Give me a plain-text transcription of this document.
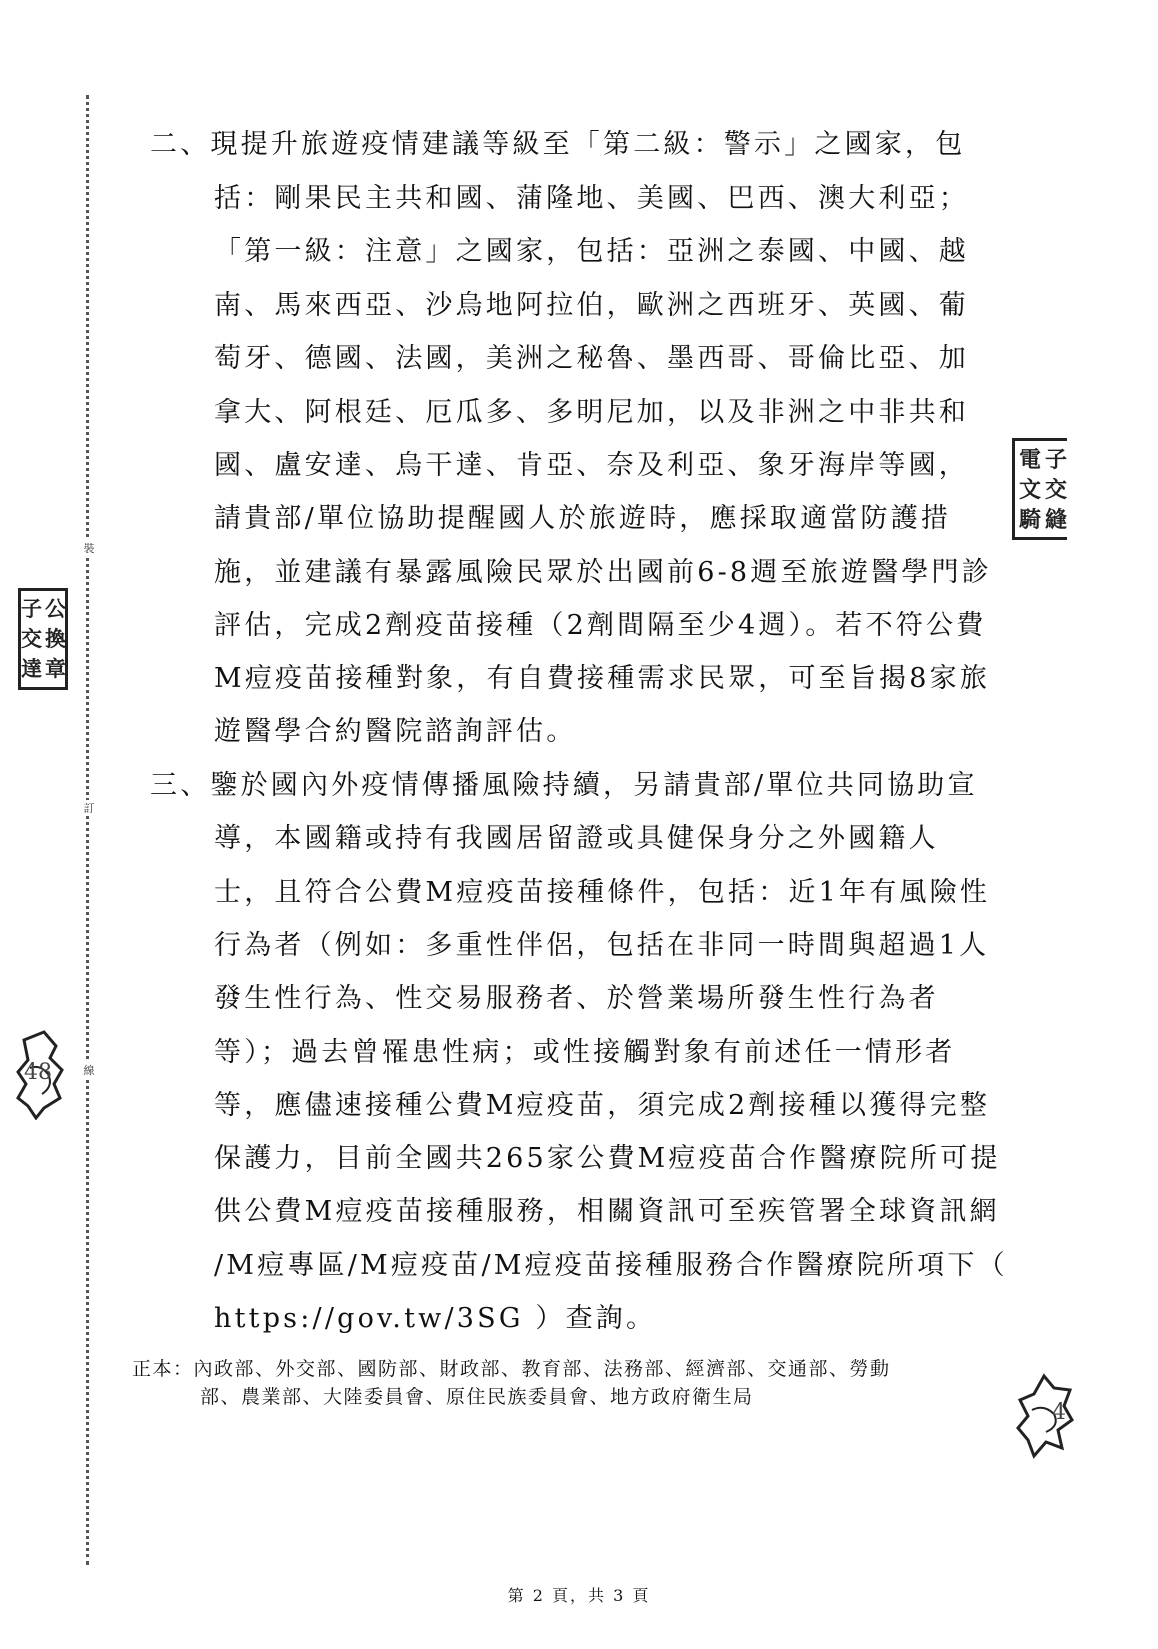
裝
訂
線
公
換
章
子
交
達
48
電 子
文 交
騎 縫
4
二、現提升旅遊疫情建議等級至「第二級：警示」之國家，包
括：剛果民主共和國、蒲隆地、美國、巴西、澳大利亞；
「第一級：注意」之國家，包括：亞洲之泰國、中國、越
南、馬來西亞、沙烏地阿拉伯，歐洲之西班牙、英國、葡
萄牙、德國、法國，美洲之秘魯、墨西哥、哥倫比亞、加
拿大、阿根廷、厄瓜多、多明尼加，以及非洲之中非共和
國、盧安達、烏干達、肯亞、奈及利亞、象牙海岸等國，
請貴部/單位協助提醒國人於旅遊時，應採取適當防護措
施，並建議有暴露風險民眾於出國前6-8週至旅遊醫學門診
評估，完成2劑疫苗接種（2劑間隔至少4週）。若不符公費
M痘疫苗接種對象，有自費接種需求民眾，可至旨揭8家旅
遊醫學合約醫院諮詢評估。
三、鑒於國內外疫情傳播風險持續，另請貴部/單位共同協助宣
導，本國籍或持有我國居留證或具健保身分之外國籍人
士，且符合公費M痘疫苗接種條件，包括：近1年有風險性
行為者（例如：多重性伴侶，包括在非同一時間與超過1人
發生性行為、性交易服務者、於營業場所發生性行為者
等）；過去曾罹患性病；或性接觸對象有前述任一情形者
等，應儘速接種公費M痘疫苗，須完成2劑接種以獲得完整
保護力，目前全國共265家公費M痘疫苗合作醫療院所可提
供公費M痘疫苗接種服務，相關資訊可至疾管署全球資訊網
/M痘專區/M痘疫苗/M痘疫苗接種服務合作醫療院所項下（
https://gov.tw/3SG ）查詢。
正本：內政部、外交部、國防部、財政部、教育部、法務部、經濟部、交通部、勞動
部、農業部、大陸委員會、原住民族委員會、地方政府衛生局
第 2 頁，共 3 頁
